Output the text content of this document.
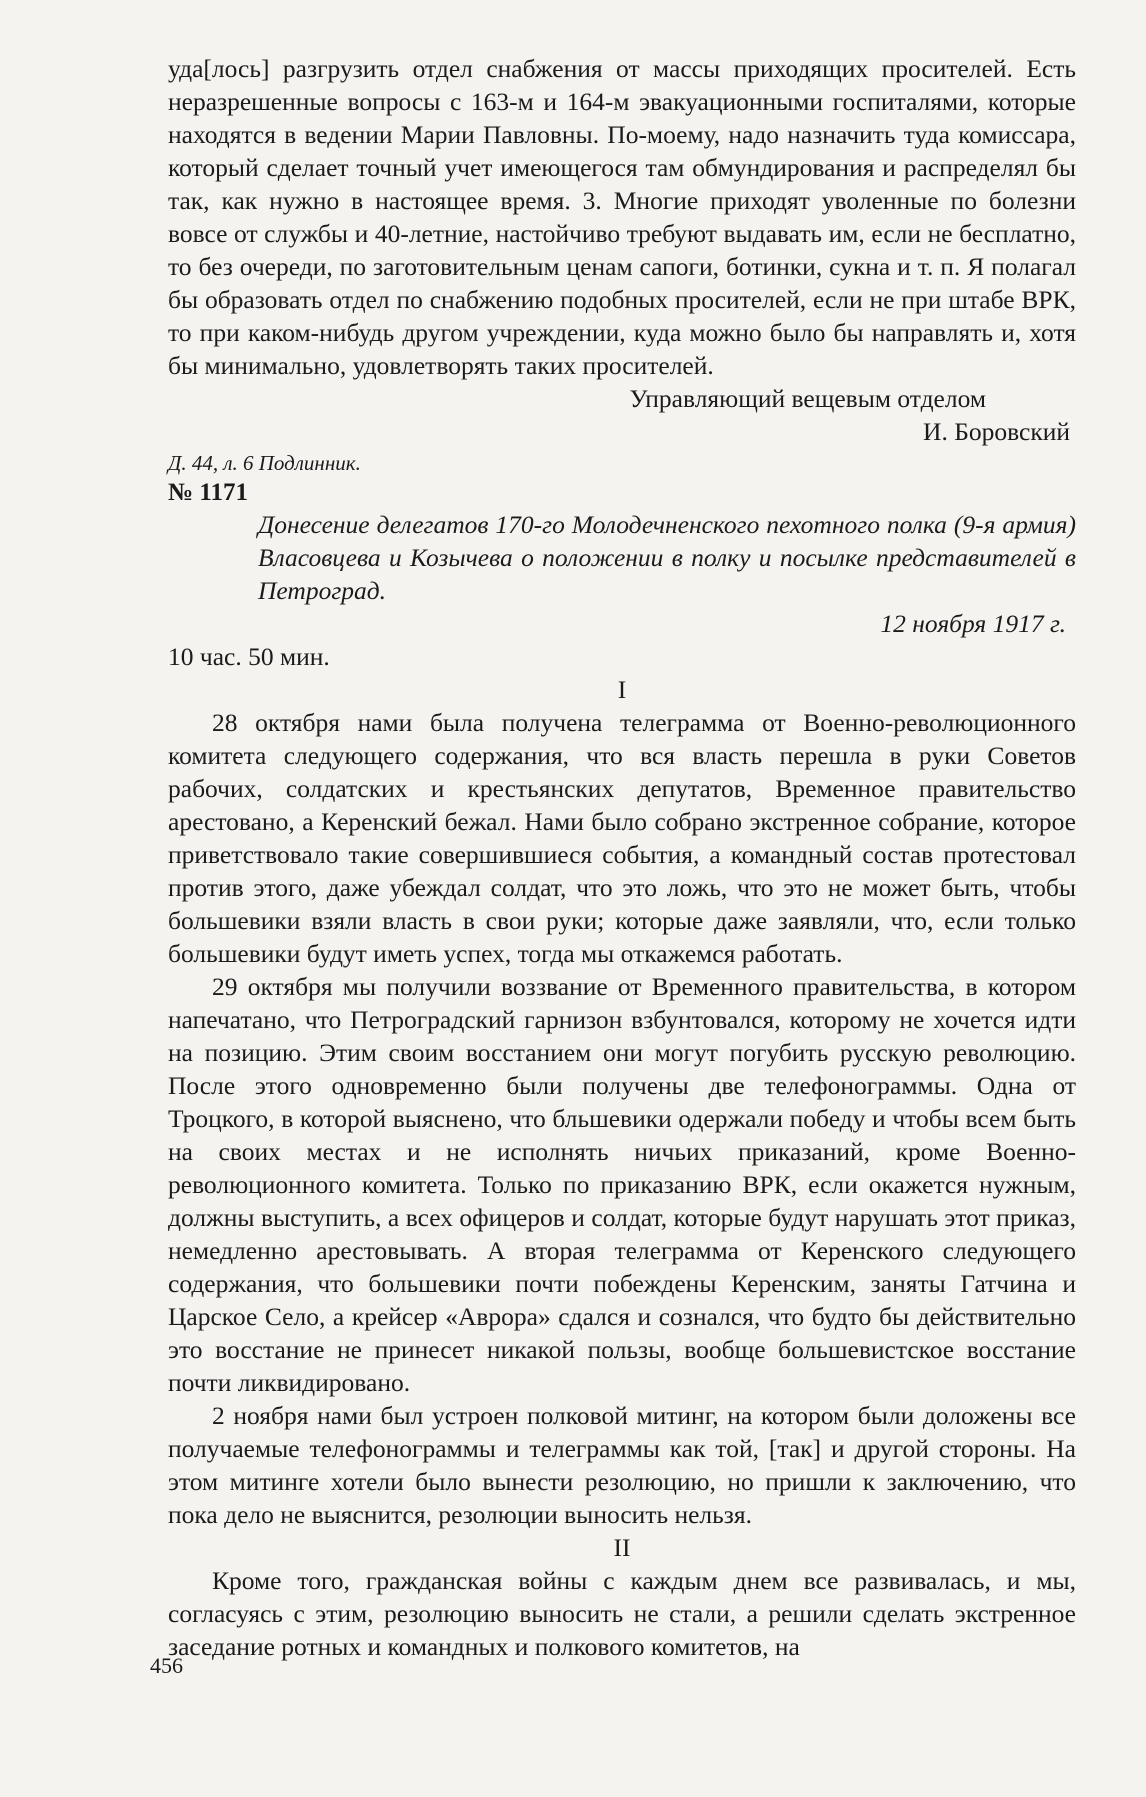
уда[лось] разгрузить отдел снабжения от массы приходящих просителей. Есть неразрешенные вопросы с 163-м и 164-м эвакуационными госпиталями, которые находятся в ведении Марии Павловны. По-моему, надо назначить туда комиссара, который сделает точный учет имеющегося там обмундирования и распределял бы так, как нужно в настоящее время. 3. Многие приходят уволенные по болезни вовсе от службы и 40-летние, настойчиво требуют выдавать им, если не бесплатно, то без очереди, по заготовительным ценам сапоги, ботинки, сукна и т. п. Я полагал бы образовать отдел по снабжению подобных просителей, если не при штабе ВРК, то при каком-нибудь другом учреждении, куда можно было бы направлять и, хотя бы минимально, удовлетворять таких просителей.

Управляющий вещевым отделом

И. Боровский

Д. 44, л. 6 Подлинник.

№ 1171

Донесение делегатов 170-го Молодечненского пехотного полка (9-я армия) Власовцева и Козычева о положении в полку и посылке представителей в Петроград.

12 ноября 1917 г.

10 час. 50 мин.

I

28 октября нами была получена телеграмма от Военно-революционного комитета следующего содержания, что вся власть перешла в руки Советов рабочих, солдатских и крестьянских депутатов, Временное правительство арестовано, а Керенский бежал. Нами было собрано экстренное собрание, которое приветствовало такие совершившиеся события, а командный состав протестовал против этого, даже убеждал солдат, что это ложь, что это не может быть, чтобы большевики взяли власть в свои руки; которые даже заявляли, что, если только большевики будут иметь успех, тогда мы откажемся работать.

29 октября мы получили воззвание от Временного правительства, в котором напечатано, что Петроградский гарнизон взбунтовался, которому не хочется идти на позицию. Этим своим восстанием они могут погубить русскую революцию. После этого одновременно были получены две телефонограммы. Одна от Троцкого, в которой выяснено, что бльшевики одержали победу и чтобы всем быть на своих местах и не исполнять ничьих приказаний, кроме Военно-революционного комитета. Только по приказанию ВРК, если окажется нужным, должны выступить, а всех офицеров и солдат, которые будут нарушать этот приказ, немедленно арестовывать. А вторая телеграмма от Керенского следующего содержания, что большевики почти побеждены Керенским, заняты Гатчина и Царское Село, а крейсер «Аврора» сдался и сознался, что будто бы действительно это восстание не принесет никакой пользы, вообще большевистское восстание почти ликвидировано.

2 ноября нами был устроен полковой митинг, на котором были доложены все получаемые телефонограммы и телеграммы как той, [так] и другой стороны. На этом митинге хотели было вынести резолюцию, но пришли к заключению, что пока дело не выяснится, резолюции выносить нельзя.

II

Кроме того, гражданская войны с каждым днем все развивалась, и мы, согласуясь с этим, резолюцию выносить не стали, а решили сделать экстренное заседание ротных и командных и полкового комитетов, на

456
